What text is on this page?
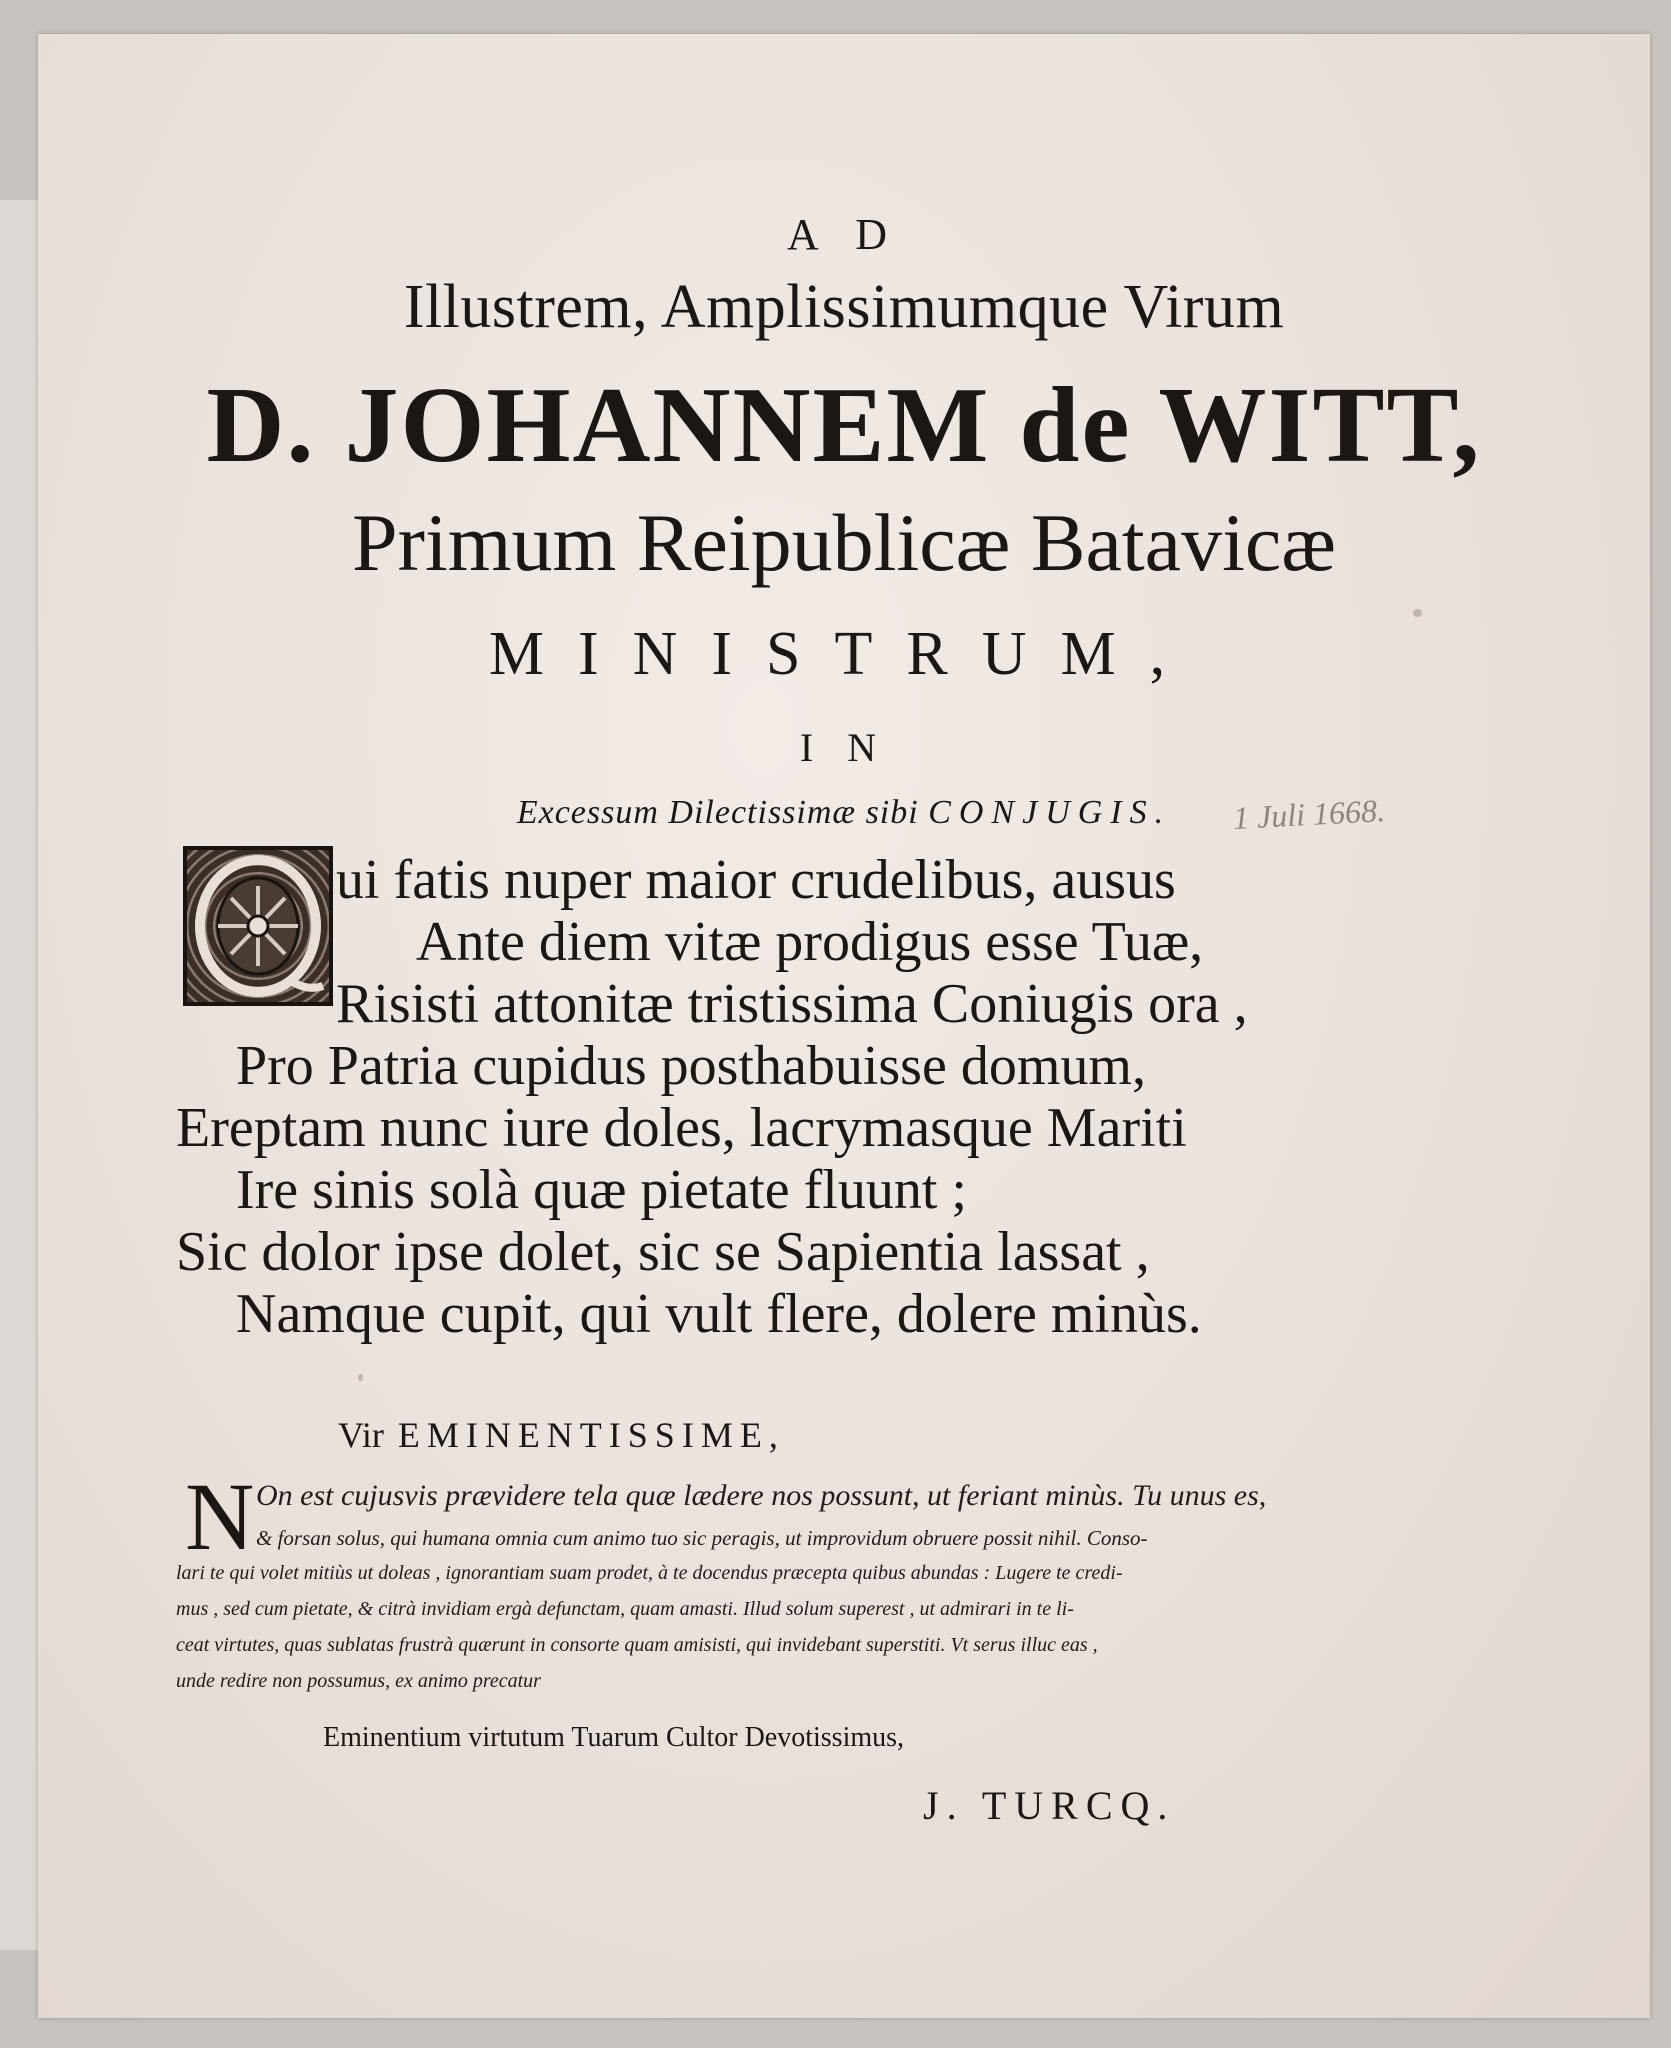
A D
Illustrem, Amplissimumque Virum
D. JOHANNEM de WITT,
Primum Reipublicæ Batavicæ
MINISTRUM,
I N
Excessum Dilectissimæ sibi CONJUGIS.	1 Juli 1668.
ui fatis nuper maior crudelibus, ausus
Ante diem vitæ prodigus esse Tuæ,
Risisti attonitæ tristissima Coniugis ora ,
Pro Patria cupidus posthabuisse domum,
Ereptam nunc iure doles, lacrymasque Mariti
Ire sinis solà quæ pietate fluunt ;
Sic dolor ipse dolet, sic se Sapientia lassat ,
Namque cupit, qui vult flere, dolere minùs.
Vir EMINENTISSIME,
N On est cujusvis prævidere tela quæ lædere nos possunt, ut feriant minùs. Tu unus es,
& forsan solus, qui humana omnia cum animo tuo sic peragis, ut improvidum obruere possit nihil. Conso-
lari te qui volet mitiùs ut doleas , ignorantiam suam prodet, à te docendus præcepta quibus abundas : Lugere te credi-
mus , sed cum pietate, & citrà invidiam ergà defunctam, quam amasti. Illud solum superest , ut admirari in te li-
ceat virtutes, quas sublatas frustrà quærunt in consorte quam amisisti, qui invidebant superstiti. Vt serus illuc eas ,
unde redire non possumus, ex animo precatur
Eminentium virtutum Tuarum Cultor Devotissimus,
J. TURCQ.
